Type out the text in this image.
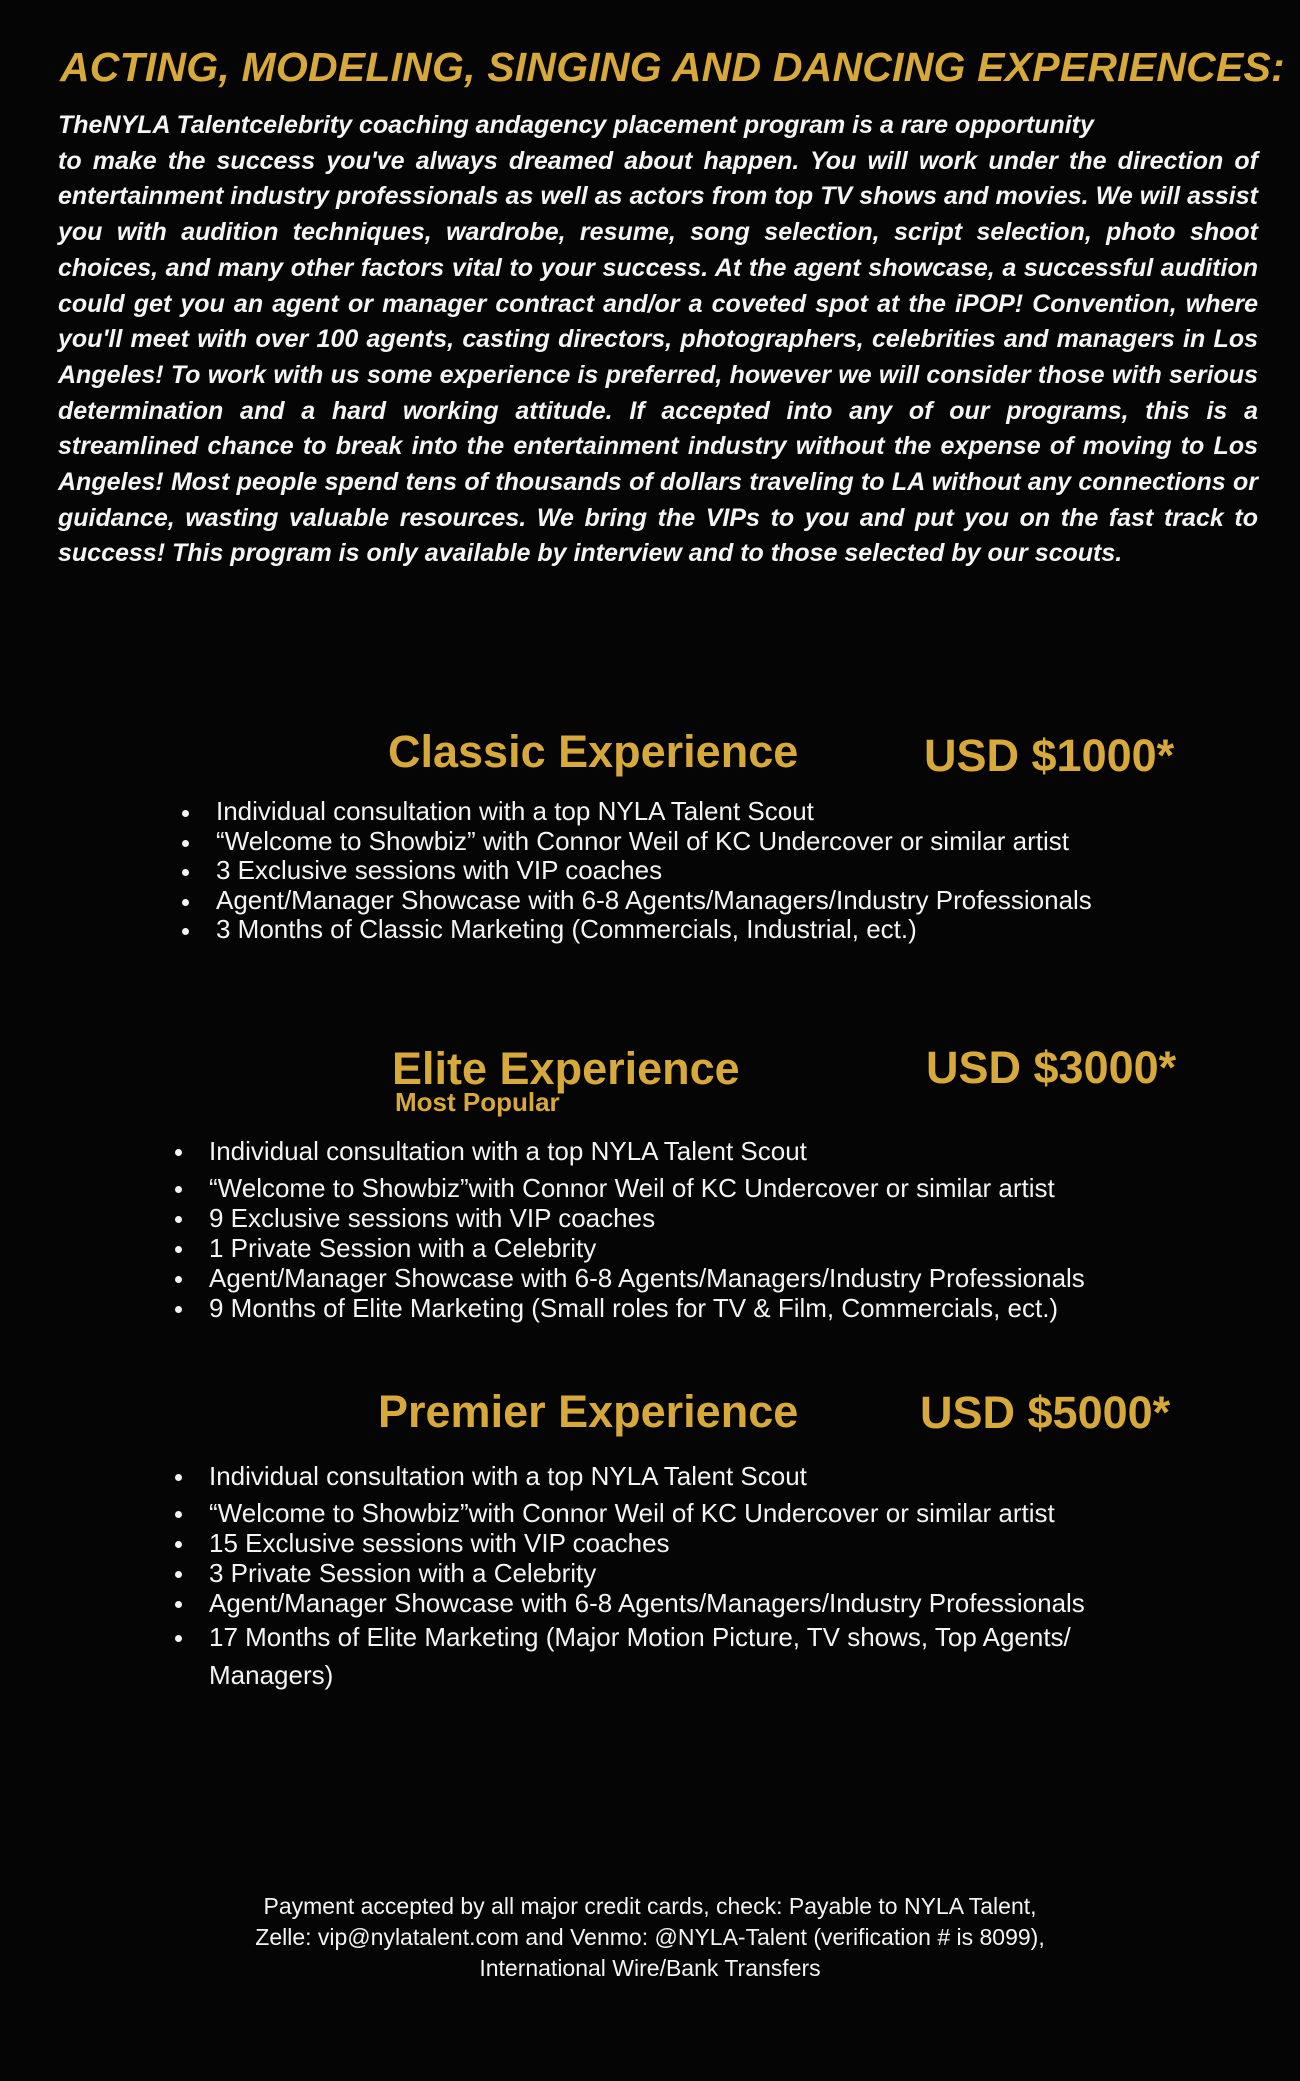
ACTING, MODELING, SINGING AND DANCING EXPERIENCES:

TheNYLA Talentcelebrity coaching andagency placement program is a rare opportunity
to make the success you've always dreamed about happen. You will work under the direction of entertainment industry professionals as well as actors from top TV shows and movies. We will assist you with audition techniques, wardrobe, resume, song selection, script selection, photo shoot choices, and many other factors vital to your success. At the agent showcase, a successful audition could get you an agent or manager contract and/or a coveted spot at the iPOP! Convention, where you'll meet with over 100 agents, casting directors, photographers, celebrities and managers in Los Angeles! To work with us some experience is preferred, however we will consider those with serious determination and a hard working attitude. If accepted into any of our programs, this is a streamlined chance to break into the entertainment industry without the expense of moving to Los Angeles! Most people spend tens of thousands of dollars traveling to LA without any connections or guidance, wasting valuable resources. We bring the VIPs to you and put you on the fast track to success! This program is only available by interview and to those selected by our scouts.

Classic Experience	USD $1000*
Individual consultation with a top NYLA Talent Scout
“Welcome to Showbiz” with Connor Weil of KC Undercover or similar artist
3 Exclusive sessions with VIP coaches
Agent/Manager Showcase with 6-8 Agents/Managers/Industry Professionals
3 Months of Classic Marketing (Commercials, Industrial, ect.)
Elite Experience
Most Popular
USD $3000*
Individual consultation with a top NYLA Talent Scout
“Welcome to Showbiz”with Connor Weil of KC Undercover or similar artist
9 Exclusive sessions with VIP coaches
1 Private Session with a Celebrity
Agent/Manager Showcase with 6-8 Agents/Managers/Industry Professionals
9 Months of Elite Marketing (Small roles for TV & Film, Commercials, ect.)
Premier Experience	USD $5000*
Individual consultation with a top NYLA Talent Scout
“Welcome to Showbiz”with Connor Weil of KC Undercover or similar artist
15 Exclusive sessions with VIP coaches
3 Private Session with a Celebrity
Agent/Manager Showcase with 6-8 Agents/Managers/Industry Professionals
17 Months of Elite Marketing (Major Motion Picture, TV shows, Top Agents/ Managers)

Payment accepted by all major credit cards, check: Payable to NYLA Talent,
Zelle: vip@nylatalent.com and Venmo: @NYLA-Talent (verification # is 8099),
International Wire/Bank Transfers
